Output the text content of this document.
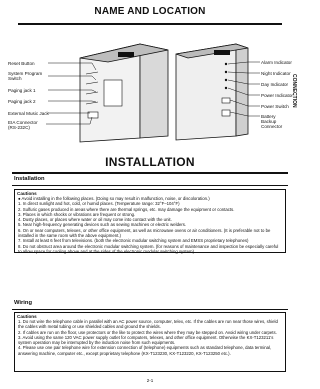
NAME AND LOCATION
Reset Button
System Program Switch
Paging jack 1
Paging jack 2
External Music Jack
EIA Connector (RS-232C)
Alarm Indicator
Night Indicator
Day Indicator
Power Indicator
Power Switch
Battery Backup Connector
CONNECTION
INSTALLATION
Installation
Cautions
● Avoid installing in the following places. (Doing so may result in malfunction, noise, or discoloration.)
1. In direct sunlight and hot, cold, or humid places. (Temperature range: 32°F–104°F)
2. Sulfuric gases produced in areas where there are thermal springs, etc. may damage the equipment or contacts.
3. Places in which shocks or vibrations are frequent or strong.
4. Dusty places, or places where water or oil may come into contact with the unit.
5. Near high-frequency generating devices such as sewing machines or electric welders.
6. On or near computers, telexes, or other office equipment, as well as microwave ovens or air conditioners. (It is preferable not to be installed in the same room with the above equipment.)
7. Install at least 6 feet from televisions. (both the electronic modular switching system and EMSS proprietary telephones)
8. Do not obstruct area around the electronic modular switching system. (for reasons of maintenance and inspection be especially careful to allow space for cooling above and at the sides of the electronic modular switching system)
Wiring
Cautions
1. Do not wire the telephone cable in parallel with an AC power source, computer, telex, etc. If the cables are run near those wires, shield the cables with metal tubing or use shielded cables and ground the shields.
2. If cables are run on the floor, use protectors or the like to protect the wires where they may be stepped on. Avoid wiring under carpets.
3. Avoid using the same 120 VAC power supply outlet for computers, telexes, and other office equipment. Otherwise the KX-T123211's system operation may be interrupted by the induction noise from such equipments.
4. Please use one pair telephone wire for extension connection of (telephone) equipments such as standard telephone, data terminal, answering machine, computer etc., except proprietary telephone (KX-T123230, KX-T123220, KX-T123250 etc.).
2-1
